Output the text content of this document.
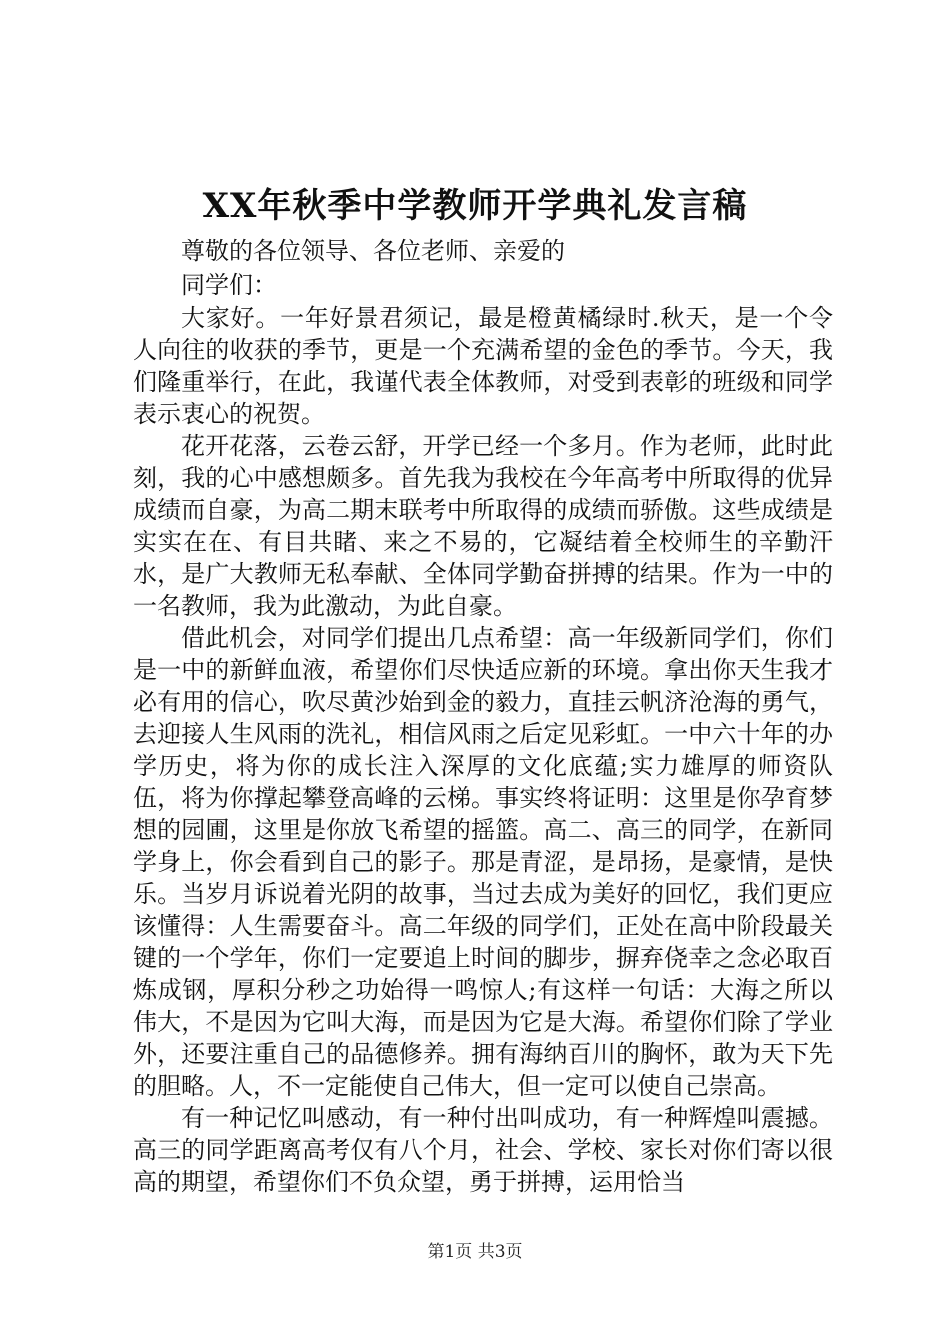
XX年秋季中学教师开学典礼发言稿

尊敬的各位领导、各位老师、亲爱的

同学们：

大家好。一年好景君须记，最是橙黄橘绿时.秋天，是一个令人向往的收获的季节，更是一个充满希望的金色的季节。今天，我们隆重举行，在此，我谨代表全体教师，对受到表彰的班级和同学表示衷心的祝贺。

花开花落，云卷云舒，开学已经一个多月。作为老师，此时此刻，我的心中感想颇多。首先我为我校在今年高考中所取得的优异成绩而自豪，为高二期末联考中所取得的成绩而骄傲。这些成绩是实实在在、有目共睹、来之不易的，它凝结着全校师生的辛勤汗水，是广大教师无私奉献、全体同学勤奋拼搏的结果。作为一中的一名教师，我为此激动，为此自豪。

借此机会，对同学们提出几点希望：高一年级新同学们，你们是一中的新鲜血液，希望你们尽快适应新的环境。拿出你天生我才必有用的信心，吹尽黄沙始到金的毅力，直挂云帆济沧海的勇气，去迎接人生风雨的洗礼，相信风雨之后定见彩虹。一中六十年的办学历史，将为你的成长注入深厚的文化底蕴;实力雄厚的师资队伍，将为你撑起攀登高峰的云梯。事实终将证明：这里是你孕育梦想的园圃，这里是你放飞希望的摇篮。高二、高三的同学，在新同学身上，你会看到自己的影子。那是青涩，是昂扬，是豪情，是快乐。当岁月诉说着光阴的故事，当过去成为美好的回忆，我们更应该懂得：人生需要奋斗。高二年级的同学们，正处在高中阶段最关键的一个学年，你们一定要追上时间的脚步，摒弃侥幸之念必取百炼成钢，厚积分秒之功始得一鸣惊人;有这样一句话：大海之所以伟大，不是因为它叫大海，而是因为它是大海。希望你们除了学业外，还要注重自己的品德修养。拥有海纳百川的胸怀，敢为天下先的胆略。人，不一定能使自己伟大，但一定可以使自己崇高。

有一种记忆叫感动，有一种付出叫成功，有一种辉煌叫震撼。高三的同学距离高考仅有八个月，社会、学校、家长对你们寄以很高的期望，希望你们不负众望，勇于拼搏，运用恰当

第1页 共3页
